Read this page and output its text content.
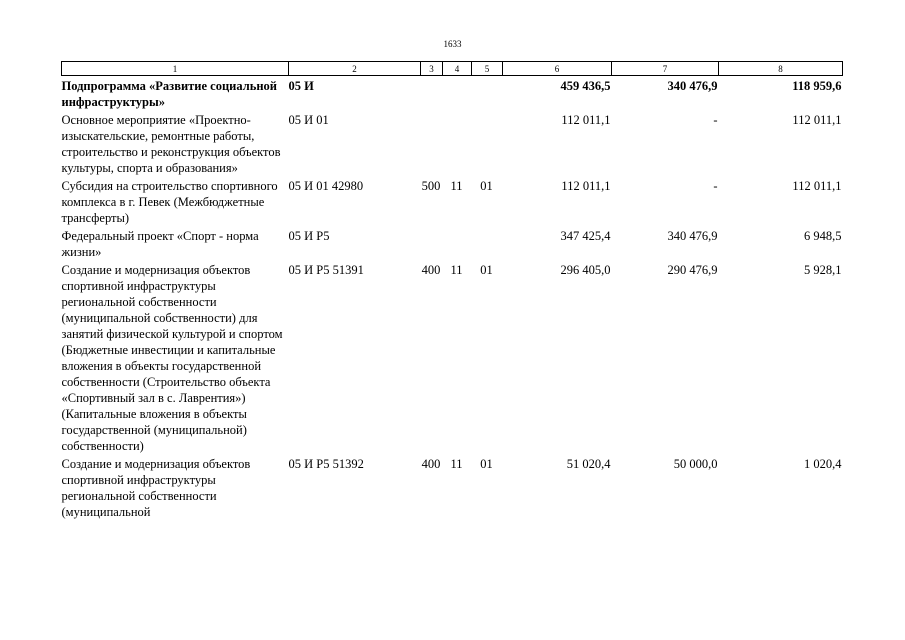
1633
1	2	3	4	5	6	7	8
Подпрограмма «Развитие социальной инфраструктуры»	05 И				459 436,5	340 476,9	118 959,6
Основное мероприятие «Проектно-изыскательские, ремонтные работы, строительство и реконструкция объектов культуры, спорта и образования»	05 И 01				112 011,1	-	112 011,1
Субсидия на строительство спортивного комплекса в г. Певек (Межбюджетные трансферты)	05 И 01 42980	500	11	01	112 011,1	-	112 011,1
Федеральный проект «Спорт - норма жизни»	05 И P5				347 425,4	340 476,9	6 948,5
Создание и модернизация объектов спортивной инфраструктуры региональной собственности (муниципальной собственности) для занятий физической культурой и спортом (Бюджетные инвестиции и капитальные вложения в объекты государственной собственности (Строительство объекта «Спортивный зал в с. Лаврентия») (Капитальные вложения в объекты государственной (муниципальной) собственности)	05 И P5 51391	400	11	01	296 405,0	290 476,9	5 928,1
Создание и модернизация объектов спортивной инфраструктуры региональной собственности (муниципальной	05 И P5 51392	400	11	01	51 020,4	50 000,0	1 020,4
